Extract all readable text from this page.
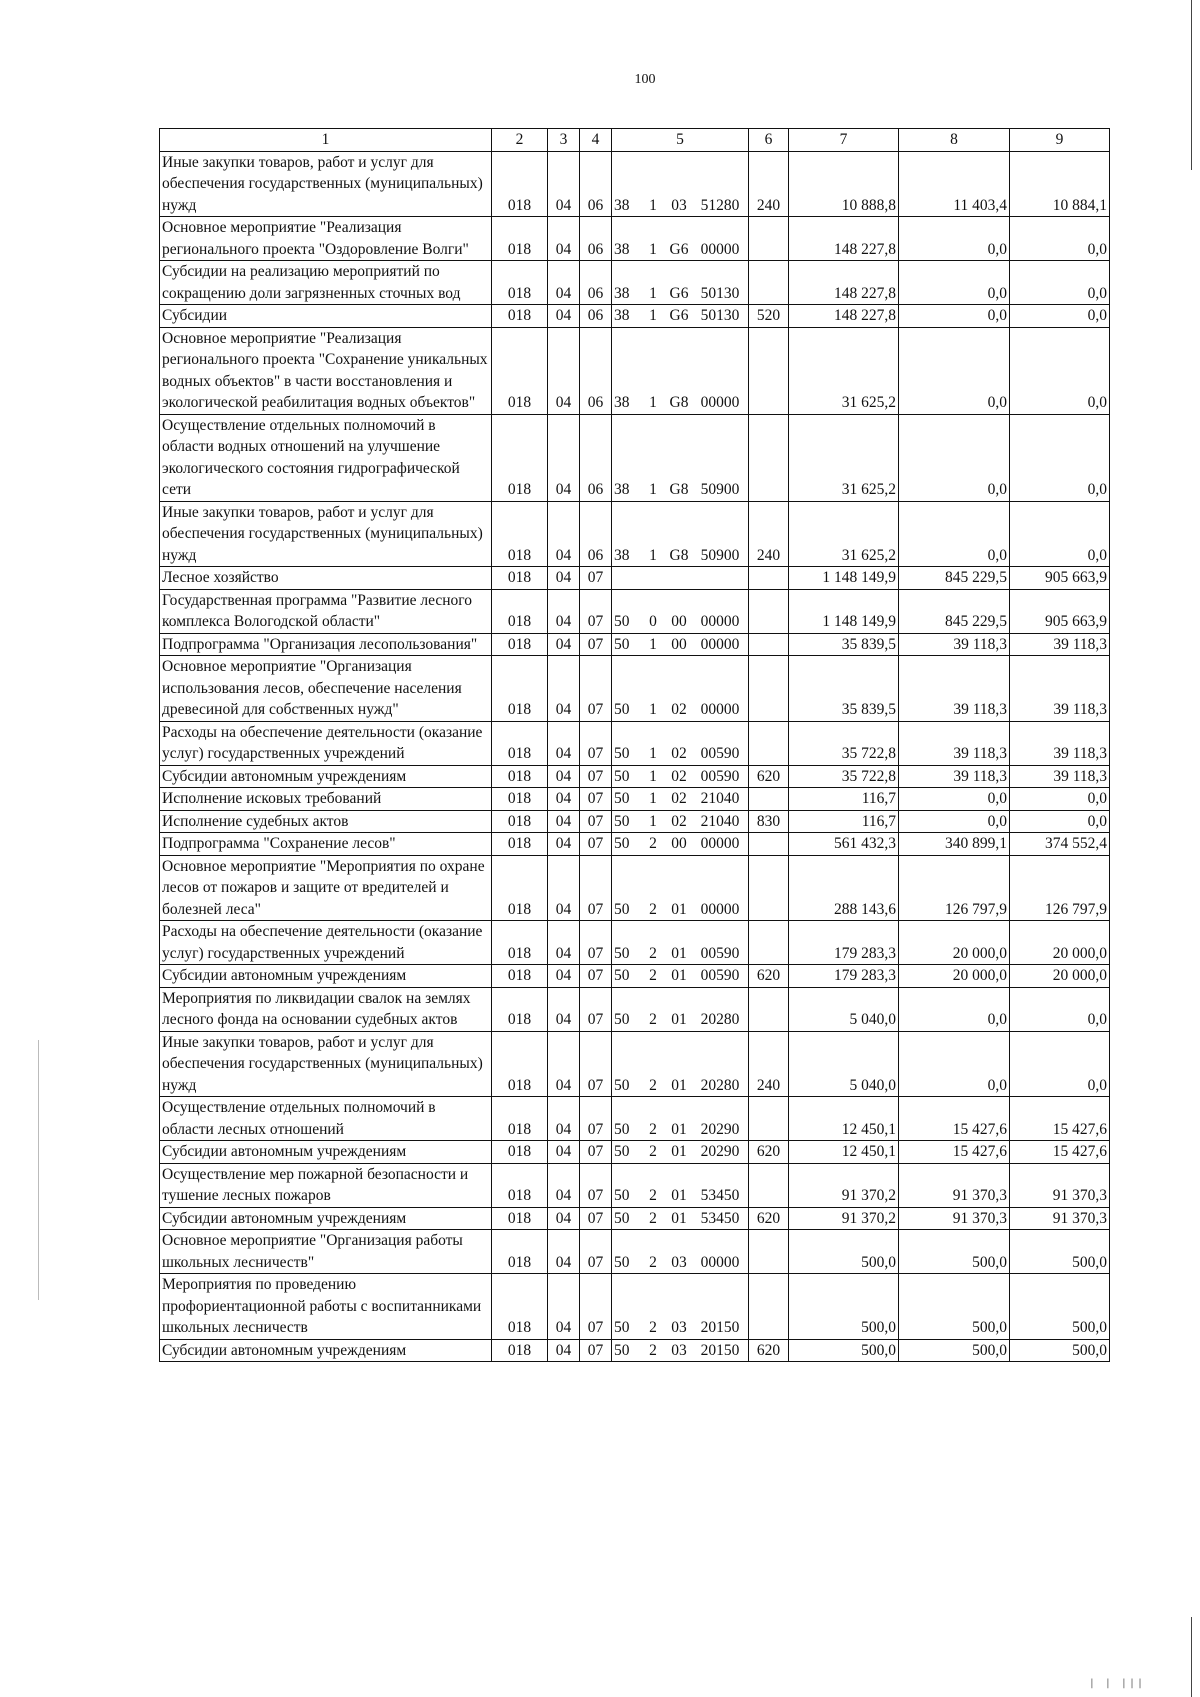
100
1	2	3	4	5	6	7	8	9
Иные закупки товаров, работ и услуг для обеспечения государственных (муниципальных) нужд	018	04	06	38 1 03 51280	240	10 888,8	11 403,4	10 884,1
Основное мероприятие "Реализация регионального проекта "Оздоровление Волги"	018	04	06	38 1 G6 00000		148 227,8	0,0	0,0
Субсидии на реализацию мероприятий по сокращению доли загрязненных сточных вод	018	04	06	38 1 G6 50130		148 227,8	0,0	0,0
Субсидии	018	04	06	38 1 G6 50130	520	148 227,8	0,0	0,0
Основное мероприятие "Реализация регионального проекта "Сохранение уникальных водных объектов" в части восстановления и экологической реабилитация водных объектов"	018	04	06	38 1 G8 00000		31 625,2	0,0	0,0
Осуществление отдельных полномочий в области водных отношений на улучшение экологического состояния гидрографической сети	018	04	06	38 1 G8 50900		31 625,2	0,0	0,0
Иные закупки товаров, работ и услуг для обеспечения государственных (муниципальных) нужд	018	04	06	38 1 G8 50900	240	31 625,2	0,0	0,0
Лесное хозяйство	018	04	07			1 148 149,9	845 229,5	905 663,9
Государственная программа "Развитие лесного комплекса Вологодской области"	018	04	07	50 0 00 00000		1 148 149,9	845 229,5	905 663,9
Подпрограмма "Организация лесопользования"	018	04	07	50 1 00 00000		35 839,5	39 118,3	39 118,3
Основное мероприятие "Организация использования лесов, обеспечение населения древесиной для собственных нужд"	018	04	07	50 1 02 00000		35 839,5	39 118,3	39 118,3
Расходы на обеспечение деятельности (оказание услуг) государственных учреждений	018	04	07	50 1 02 00590		35 722,8	39 118,3	39 118,3
Субсидии автономным учреждениям	018	04	07	50 1 02 00590	620	35 722,8	39 118,3	39 118,3
Исполнение исковых требований	018	04	07	50 1 02 21040		116,7	0,0	0,0
Исполнение судебных актов	018	04	07	50 1 02 21040	830	116,7	0,0	0,0
Подпрограмма "Сохранение лесов"	018	04	07	50 2 00 00000		561 432,3	340 899,1	374 552,4
Основное мероприятие "Мероприятия по охране лесов от пожаров и защите от вредителей и болезней леса"	018	04	07	50 2 01 00000		288 143,6	126 797,9	126 797,9
Расходы на обеспечение деятельности (оказание услуг) государственных учреждений	018	04	07	50 2 01 00590		179 283,3	20 000,0	20 000,0
Субсидии автономным учреждениям	018	04	07	50 2 01 00590	620	179 283,3	20 000,0	20 000,0
Мероприятия по ликвидации свалок на землях лесного фонда на основании судебных актов	018	04	07	50 2 01 20280		5 040,0	0,0	0,0
Иные закупки товаров, работ и услуг для обеспечения государственных (муниципальных) нужд	018	04	07	50 2 01 20280	240	5 040,0	0,0	0,0
Осуществление отдельных полномочий в области лесных отношений	018	04	07	50 2 01 20290		12 450,1	15 427,6	15 427,6
Субсидии автономным учреждениям	018	04	07	50 2 01 20290	620	12 450,1	15 427,6	15 427,6
Осуществление мер пожарной безопасности и тушение лесных пожаров	018	04	07	50 2 01 53450		91 370,2	91 370,3	91 370,3
Субсидии автономным учреждениям	018	04	07	50 2 01 53450	620	91 370,2	91 370,3	91 370,3
Основное мероприятие "Организация работы школьных лесничеств"	018	04	07	50 2 03 00000		500,0	500,0	500,0
Мероприятия по проведению профориентационной работы с воспитанниками школьных лесничеств	018	04	07	50 2 03 20150		500,0	500,0	500,0
Субсидии автономным учреждениям	018	04	07	50 2 03 20150	620	500,0	500,0	500,0
| | |||
